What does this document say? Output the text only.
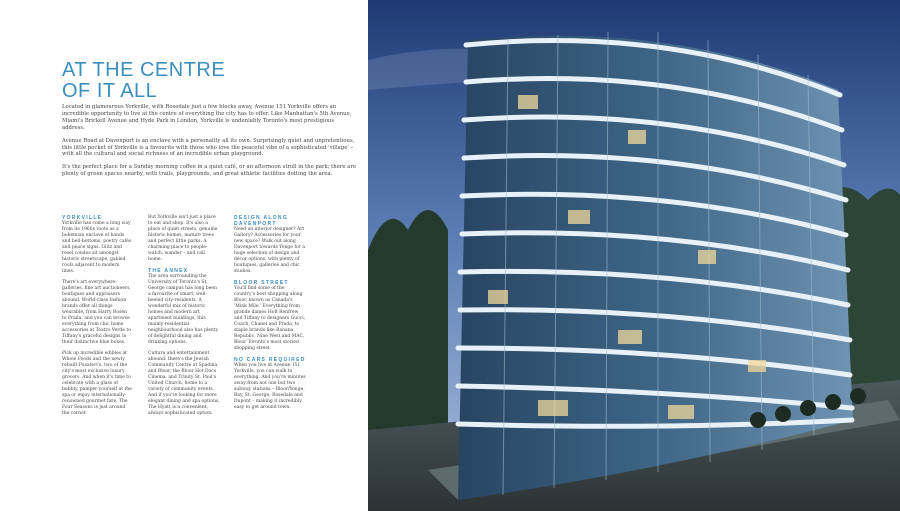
AT THE CENTRE
OF IT ALL

Located in glamourous Yorkville, with Rosedale just a few blocks away, Avenue 151 Yorkville offers an incredible opportunity to live at the centre of everything the city has to offer. Like Manhattan's 5th Avenue, Miami's Brickell Avenue and Hyde Park in London, Yorkville is undeniably Toronto's most prestigious address.

Avenue Road at Davenport is an enclave with a personality all its own. Surprisingly quiet and unpretentious, this little pocket of Yorkville is a favourite with those who love the peaceful vibe of a sophisticated 'village' – with all the cultural and social richness of an incredible urban playground.

It's the perfect place for a Sunday morning coffee in a quiet café, or an afternoon stroll in the park; there are plenty of green spaces nearby, with trails, playgrounds, and great athletic facilities dotting the area.

YORKVILLE

Yorkville has come a long way from its 1960s roots as a bohemian enclave of bands and bell-bottoms, poetry cafés and peace signs. Glitz and resel condos sit amongst historic streetscape, gabled roofs adjacent to modern lines.

There's art everywhere: galleries, fine art auctioneers, boutiques and appraisers abound. World-class fashion brands offer all things wearable, from Harry Rosen to Prada, and you can browse everything from chic home accessories at Teatro Verde to Tiffany's graceful designs in their distinctive blue boxes.

Pick up incredible edibles at Whole Foods and the newly rebuilt Pusateri's, two of the city's most exclusive luxury grocers. And when it's time to celebrate with a glass of bubbly, pamper yourself at the spa or enjoy internationally-renowned gourmet fare, The Four Seasons is just around the corner.

But Yorkville isn't just a place to eat and shop. It's also a place of quiet streets, genuine historic homes, mature trees and perfect little parks. A charming place to people-watch, wander – and call home.

THE ANNEX

The area surrounding the University of Toronto's St. George campus has long been a favourite of smart, well-heeled city-residents. A wonderful mix of historic homes and modern art apartment buildings, this mainly-residential neighbourhood also has plenty of delightful dining and drinking options.

Culture and entertainment abound: there's the Jewish Community Centre at Spadina and Bloor, the Bloor Hot Docs Cinema, and Trinity-St. Paul's United Church, home to a variety of community events. And if you're looking for more elegant dining and spa options, The Hyatt is a convenient, always sophisticated option.

DESIGN ALONG DAVENPORT

Need an interior designer? Art Gallery? Accessories for your new space? Walk out along Davenport towards Yonge for a huge selection of design and décor options, with plenty of boutiques, galleries and chic studios.

BLOOR STREET

You'll find some of the country's best shopping along Bloor, known as Canada's 'Mink Mile.' Everything from grande dames Holt Renfrew and Tiffany to designers Gucci, Coach, Chanel and Prada, to staple brands like Banana Republic, Nine West and MAC, Bloor Toronto's most storied shopping street.

NO CARS REQUIRED

When you live at Avenue 151 Yorkville, you can walk to everything. And you're minutes away from not one but two subway stations – Bloor/Yonge, Bay, St. George, Rosedale and Dupont – making it incredibly easy to get around town.
